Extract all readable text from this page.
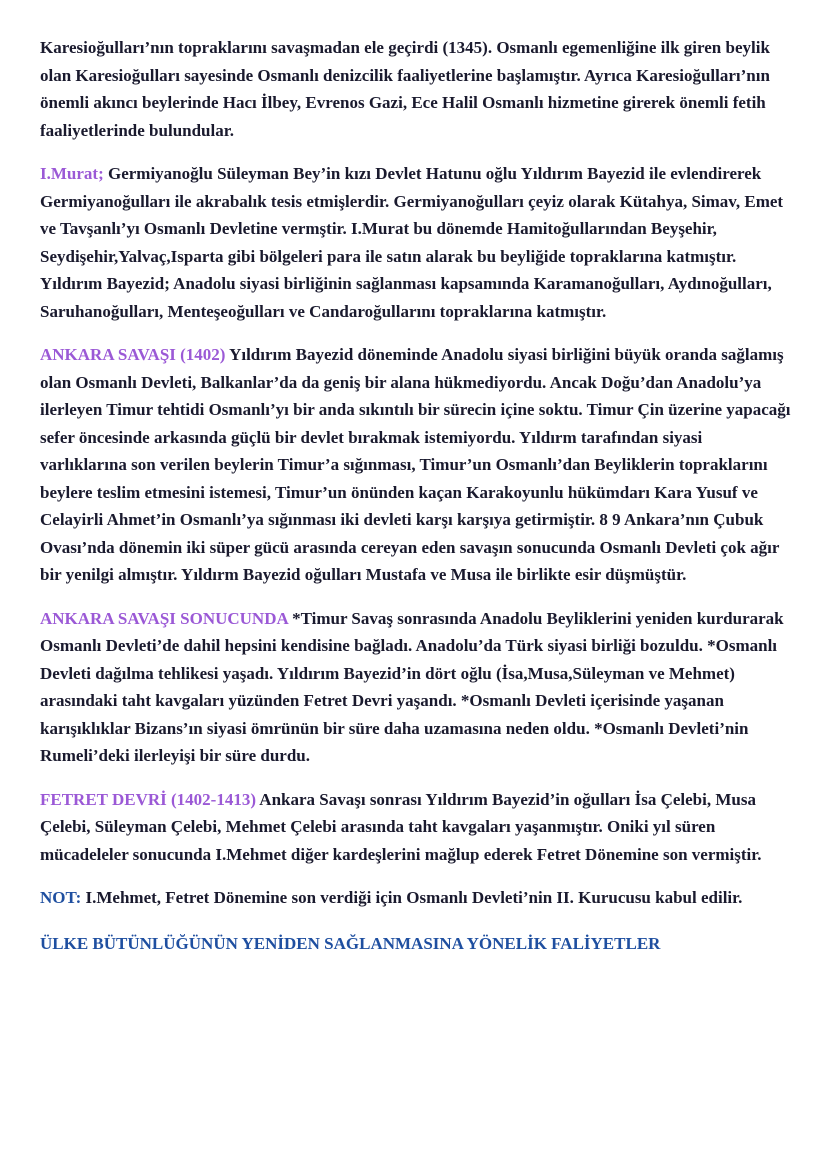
Karesioğulları’nın topraklarını savaşmadan ele geçirdi (1345). Osmanlı egemenliğine ilk giren beylik olan Karesioğulları sayesinde Osmanlı denizcilik faaliyetlerine başlamıştır. Ayrıca Karesioğulları’nın önemli akıncı beylerinde Hacı İlbey, Evrenos Gazi, Ece Halil Osmanlı hizmetine girerek önemli fetih faaliyetlerinde bulundular.

I.Murat; Germiyanoğlu Süleyman Bey’in kızı Devlet Hatunu oğlu Yıldırım Bayezid ile evlendirerek Germiyanoğulları ile akrabalık tesis etmişlerdir. Germiyanoğulları çeyiz olarak Kütahya, Simav, Emet ve Tavşanlı’yı Osmanlı Devletine vermştir. I.Murat bu dönemde Hamitoğullarından Beyşehir, Seydişehir,Yalvaç,Isparta gibi bölgeleri para ile satın alarak bu beyliğide topraklarına katmıştır. Yıldırım Bayezid; Anadolu siyasi birliğinin sağlanması kapsamında Karamanoğulları, Aydınoğulları, Saruhanoğulları, Menteşeoğulları ve Candaroğullarını topraklarına katmıştır.

ANKARA SAVAŞI (1402) Yıldırım Bayezid döneminde Anadolu siyasi birliğini büyük oranda sağlamış olan Osmanlı Devleti, Balkanlar’da da geniş bir alana hükmediyordu. Ancak Doğu’dan Anadolu’ya ilerleyen Timur tehtidi Osmanlı’yı bir anda sıkıntılı bir sürecin içine soktu. Timur Çin üzerine yapacağı sefer öncesinde arkasında güçlü bir devlet bırakmak istemiyordu. Yıldırm tarafından siyasi varlıklarına son verilen beylerin Timur’a sığınması, Timur’un Osmanlı’dan Beyliklerin topraklarını beylere teslim etmesini istemesi, Timur’un önünden kaçan Karakoyunlu hükümdarı Kara Yusuf ve Celayirli Ahmet’in Osmanlı’ya sığınması iki devleti karşı karşıya getirmiştir. 8 9 Ankara’nın Çubuk Ovası’nda dönemin iki süper gücü arasında cereyan eden savaşın sonucunda Osmanlı Devleti çok ağır bir yenilgi almıştır. Yıldırm Bayezid oğulları Mustafa ve Musa ile birlikte esir düşmüştür.

ANKARA SAVAŞI SONUCUNDA *Timur Savaş sonrasında Anadolu Beyliklerini yeniden kurdurarak Osmanlı Devleti’de dahil hepsini kendisine bağladı. Anadolu’da Türk siyasi birliği bozuldu. *Osmanlı Devleti dağılma tehlikesi yaşadı. Yıldırım Bayezid’in dört oğlu (İsa,Musa,Süleyman ve Mehmet) arasındaki taht kavgaları yüzünden Fetret Devri yaşandı. *Osmanlı Devleti içerisinde yaşanan karışıklıklar Bizans’ın siyasi ömrünün bir süre daha uzamasına neden oldu. *Osmanlı Devleti’nin Rumeli’deki ilerleyişi bir süre durdu.

FETRET DEVRİ (1402-1413) Ankara Savaşı sonrası Yıldırım Bayezid’in oğulları İsa Çelebi, Musa Çelebi, Süleyman Çelebi, Mehmet Çelebi arasında taht kavgaları yaşanmıştır. Oniki yıl süren mücadeleler sonucunda I.Mehmet diğer kardeşlerini mağlup ederek Fetret Dönemine son vermiştir.

NOT: I.Mehmet, Fetret Dönemine son verdiği için Osmanlı Devleti’nin II. Kurucusu kabul edilir.

ÜLKE BÜTÜNLÜĞÜNÜN YENİDEN SAĞLANMASINA YÖNELİK FALİYETLER
